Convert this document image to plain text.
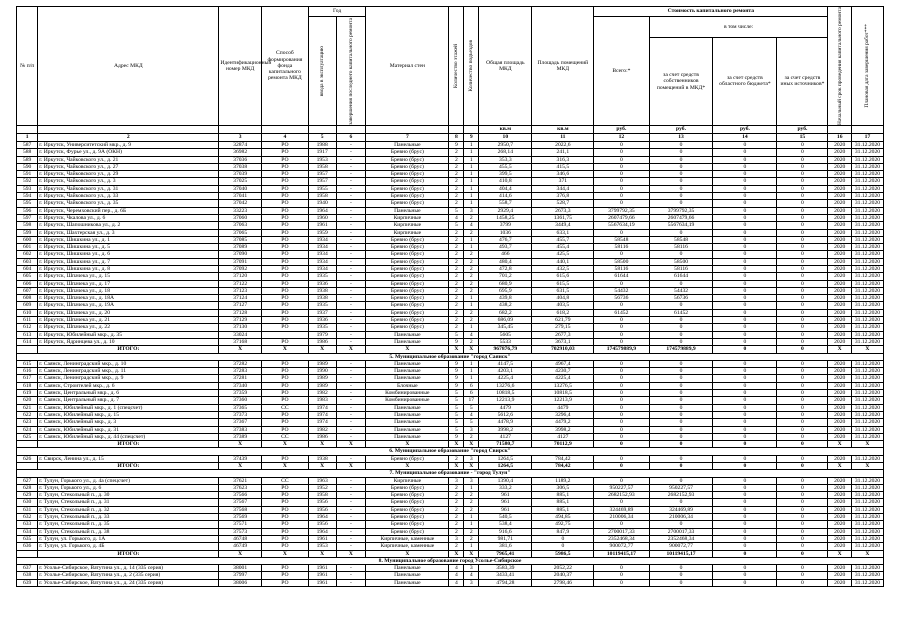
№ п/п	Адрес МКД	Идентификационный номер МКД	Способ формирования фонда капитального ремонта МКД	Год		Материал стен	Количество этажей	Количество подъездов	Общая площадь МКД	Площадь помещений МКД	Стоимость капитального ремонта				Начальный срок проведения капитального ремонта	Плановая дата завершения работ***

				ввода в эксплуатацию	завершения последнего капитального ремонта						Всего:*	в том числе:				
												за счет средств собственников помещений в МКД*	за счет средств областного бюджета*	за счет средств иных источников*		
									кв.м	кв.м	руб.	руб.	руб.	руб.		
1	2	3	4	5	6	7	8	9	10	11	12	13	14	15	16	17
587	г. Иркутск, Университетский мкр., д. 9	32874	РО	1988	-	Панельные	9	1	2950,7	2022,6	0	0	0	0	2020	31.12.2020
588	г. Иркутск, Фурье ул., д. 9А (ОКН)	36982	РО	1917	-	Бревно (брус)	2	1	268,14	241,1	0	0	0	0	2020	31.12.2020
589	г. Иркутск, Чайковского ул., д. 21	37036	РО	1953	-	Бревно (брус)	2	1	353,3	316,3	0	0	0	0	2020	31.12.2020
590	г. Иркутск, Чайковского ул., д. 27	37038	РО	1958	-	Бревно (брус)	2	1	455,5	415,5	0	0	0	0	2020	31.12.2020
591	г. Иркутск, Чайковского ул., д. 29	37039	РО	1957	-	Бревно (брус)	2	1	399,5	346,6	0	0	0	0	2020	31.12.2020
592	г. Иркутск, Чайковского ул., д. 3	37025	РО	1957	-	Бревно (брус)	2	1	410,8	371	0	0	0	0	2020	31.12.2020
593	г. Иркутск, Чайковского ул., д. 31	37040	РО	1955	-	Бревно (брус)	2	1	404,4	344,4	0	0	0	0	2020	31.12.2020
594	г. Иркутск, Чайковского ул., д. 33	37041	РО	1958	-	Бревно (брус)	2	1	414,6	376,8	0	0	0	0	2020	31.12.2020
595	г. Иркутск, Чайковского ул., д. 35	37042	РО	1940	-	Бревно (брус)	2	1	558,7	528,7	0	0	0	0	2020	31.12.2020
596	г. Иркутск, Черемховский пер., д. 6Б	33223	РО	1964	-	Панельные	5	3	2929,4	2673,3	3799792,35	3799792,35	0	0	2020	31.12.2020
597	г. Иркутск, Чкалова ул., д. 6	37060	РО	1960	-	Кирпичные	4	2	1458,25	1361,75	2607479,66	2607479,66	0	0	2020	31.12.2020
598	г. Иркутск, Шапошникова ул., д. 2	37063	РО	1961	-	Кирпичные	5	4	3799	3449,4	5567634,19	5567634,19	0	0	2020	31.12.2020
599	г. Иркутск, Шахтерская ул., д. 3	37065	РО	1959	-	Кирпичные	2	2	1036	633,1	0	0	0	0	2020	31.12.2020
600	г. Иркутск, Шишкина ул., д. 1	37085	РО	1934	-	Бревно (брус)	2	1	476,7	455,7	58548	58548	0	0	2020	31.12.2020
601	г. Иркутск, Шишкина ул., д. 5	37089	РО	1934	-	Бревно (брус)	2	1	493,7	455,4	58116	58116	0	0	2020	31.12.2020
602	г. Иркутск, Шишкина ул., д. 6	37090	РО	1934	-	Бревно (брус)	2	2	466	425,5	0	0	0	0	2020	31.12.2020
603	г. Иркутск, Шишкина ул., д. 7	37091	РО	1934	-	Бревно (брус)	2	2	480,4	440,1	58500	58500	0	0	2020	31.12.2020
604	г. Иркутск, Шишкина ул., д. 8	37092	РО	1934	-	Бревно (брус)	2	2	472,8	432,5	58116	58116	0	0	2020	31.12.2020
605	г. Иркутск, Шпачека ул., д. 15	37120	РО	1935	-	Бревно (брус)	2	2	701,2	615,6	61644	61644	0	0	2020	31.12.2020
606	г. Иркутск, Шпачека ул., д. 17	37122	РО	1936	-	Бревно (брус)	2	2	680,9	615,5	0	0	0	0	2020	31.12.2020
607	г. Иркутск, Шпачека ул., д. 18	37123	РО	1938	-	Бревно (брус)	2	2	695,9	631,5	54432	54432	0	0	2020	31.12.2020
608	г. Иркутск, Шпачека ул., д. 18А	37124	РО	1938	-	Бревно (брус)	2	1	439,8	404,8	56736	56736	0	0	2020	31.12.2020
609	г. Иркутск, Шпачека ул., д. 19А	37127	РО	1935	-	Бревно (брус)	2	1	438,2	403,5	0	0	0	0	2020	31.12.2020
610	г. Иркутск, Шпачека ул., д. 20	37128	РО	1937	-	Бревно (брус)	2	2	682,2	618,2	61452	61452	0	0	2020	31.12.2020
611	г. Иркутск, Шпачека ул., д. 21	37129	РО	1936	-	Бревно (брус)	2	2	686,09	621,79	0	0	0	0	2020	31.12.2020
612	г. Иркутск, Шпачека ул., д. 22	37130	РО	1935	-	Бревно (брус)	2	1	345,45	279,15	0	0	0	0	2020	31.12.2020
613	г. Иркутск, Юбилейный мкр., д. 35	33024		1979	-	Панельные	5	4	5605	2677,3	0	0	0	0	2020	31.12.2020
614	г. Иркутск, Ядринцева ул., д. 10	37168	РО	1986	-	Панельные	9	2	5533	3673,1	0	0	0	0	2020	31.12.2020
	ИТОГО:	X	X	X	X	X	X	X	967876,79	702910,03	174579889,9	174579889,9	0	0	X	X
5. Муниципальное образование "город Саянск"																
615	г. Саянск, Ленинградский мкр., д. 10	37282	РО	1989	-	Панельные	9	1	4147,5	4967,4	0	0	0	0	2020	31.12.2020
616	г. Саянск, Ленинградский мкр., д. 11	37283	РО	1990	-	Панельные	9	1	4203,1	4230,7	0	0	0	0	2020	31.12.2020
617	г. Саянск, Ленинградский мкр., д. 9	37281	РО	1989	-	Панельные	9	1	4225,4	4225,4	0	0	0	0	2020	31.12.2020
618	г. Саянск, Строителей мкр., д. 6	37340	РО	1989	-	Блочные	9	6	13276,6	13276,5	0	0	0	0	2020	31.12.2020
619	г. Саянск, Центральный мкр., д. 6	37359	РО	1982	-	Комбинированные	5	6	10818,5	10818,5	0	0	0	0	2020	31.12.2020
620	г. Саянск, Центральный мкр., д. 7	37360	РО	1983	-	Комбинированные	5	17	12213,9	12213,9	0	0	0	0	2020	31.12.2020
621	г. Саянск, Юбилейный мкр., д. 1 (спецсчет)	37365	СС	1974	-	Панельные	5	5	4479	4479	0	0	0	0	2020	31.12.2020
622	г. Саянск, Юбилейный мкр., д. 15	37373	РО	1974	-	Панельные	5	4	5612,6	3296,4	0	0	0	0	2020	31.12.2020
623	г. Саянск, Юбилейный мкр., д. 3	37367	РО	1974	-	Панельные	5	5	4478,9	4479,2	0	0	0	0	2020	31.12.2020
624	г. Саянск, Юбилейный мкр., д. 31	37383	РО	1982	-	Панельные	5	3	3998,2	3998,2	0	0	0	0	2020	31.12.2020
625	г. Саянск, Юбилейный мкр., д. 44 (спецсчет)	37389	СС	1986	-	Панельные	9	2	4127	4127	0	0	0	0	2020	31.12.2020
	ИТОГО:	X	X	X	X	X	X	X	71580,7	70112,9	0	0	0	0	X	X
6. Муниципальное образование "город Свирск"																
626	г. Свирск, Ленина ул., д. 15	37439	РО	1938	-	Бревно (брус)	2	3	1264,5	784,42	0	0	0	0	2020	31.12.2020
	ИТОГО:	X	X	X	X	X	X	X	1264,5	784,42	0	0	0	0	X	X
7. Муниципальное образование - "город Тулун"																
627	г. Тулун, Горького ул., д. 4а (спецсчет)	37621	СС	1963	-	Кирпичные	3	3	1390,4	1189,2	0	0	0	0	2020	31.12.2020
628	г. Тулун, Горького ул., д. 6	37623	РО	1952	-	Бревно (брус)	2	1	333,2	306,5	950227,57	950227,57	0	0	2020	31.12.2020
629	г. Тулун, Стекольный п., д. 30	37566	РО	1958	-	Бревно (брус)	2	2	961	885,1	2682152,93	2682152,93	0	0	2020	31.12.2020
630	г. Тулун, Стекольный п., д. 31	37567	РО	1956	-	Бревно (брус)	2	2	961	885,1	0	0	0	0	2020	31.12.2020
631	г. Тулун, Стекольный п., д. 32	37568	РО	1956	-	Бревно (брус)	2	2	961	885,1	324469,89	324469,89	0	0	2020	31.12.2020
632	г. Тулун, Стекольный п., д. 33	37569	РО	1964	-	Бревно (брус)	2	1	540,5	494,85	210006,34	210006,34	0	0	2020	31.12.2020
633	г. Тулун, Стекольный п., д. 35	37571	РО	1956	-	Бревно (брус)	2	1	538,4	492,75	0	0	0	0	2020	31.12.2020
634	г. Тулун, Стекольный п., д. 38	37573	РО	1964	-	Бревно (брус)	2	2	916,6	847,9	2700017,33	2700017,33	0	0	2020	31.12.2020
635	г. Тулун, ул. Горького, д. 1А	46748	РО	1961	-	Кирпичные, каменные	3	2	981,71	0	2352468,34	2352468,34	0	0	2020	31.12.2020
636	г. Тулун, ул. Горького, д. 4Б	46749	РО	1953	-	Кирпичные, каменные	2	1	381,6	0	900072,77	900072,77	0	0	2020	31.12.2020
	ИТОГО:	X	X	X	X	X	X	X	7965,41	5986,5	10119415,17	10119415,17	0	0	X	X
8. Муниципальное образование город Усолье-Сибирское																
637	г. Усолье-Сибирское, Ватутина ул., д. 14 (335 серия)	38001	РО	1961	-	Панельные	4	3	3583,39	2052,22	0	0	0	0	2020	31.12.2020
638	г. Усолье-Сибирское, Ватутина ул., д. 2 (335 серия)	37997	РО	1961	-	Панельные	4	4	3433,41	2040,37	0	0	0	0	2020	31.12.2020
639	г. Усолье-Сибирское, Ватутина ул., д. 24 (335 серия)	38006	РО	1961	-	Панельные	4	3	4794,28	2798,46	0	0	0	0	2020	31.12.2020
